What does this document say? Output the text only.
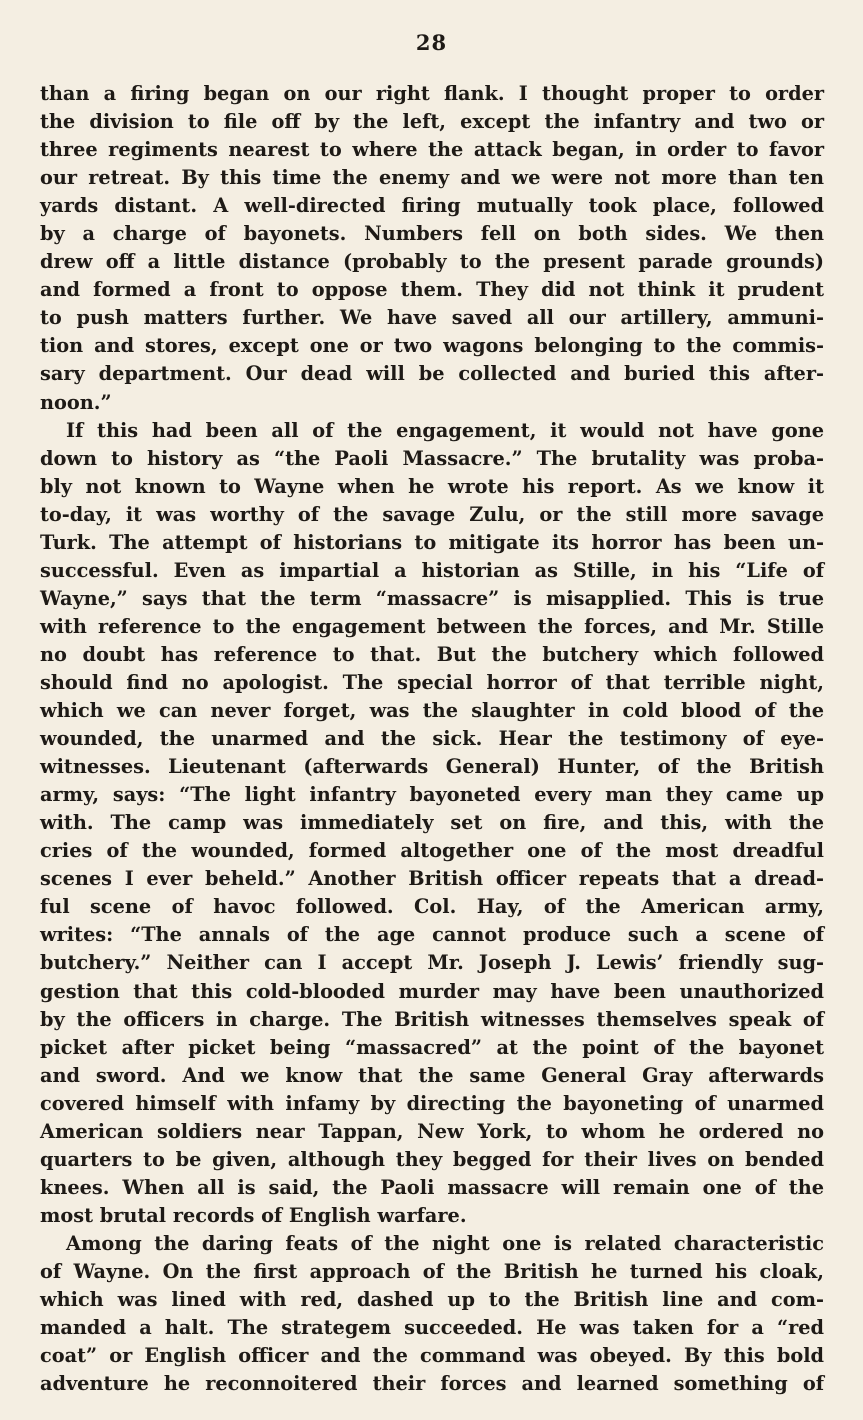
28
than a firing began on our right flank. I thought proper to order
the division to file off by the left, except the infantry and two or
three regiments nearest to where the attack began, in order to favor
our retreat. By this time the enemy and we were not more than ten
yards distant. A well-directed firing mutually took place, followed
by a charge of bayonets. Numbers fell on both sides. We then
drew off a little distance (probably to the present parade grounds)
and formed a front to oppose them. They did not think it prudent
to push matters further. We have saved all our artillery, ammuni-
tion and stores, except one or two wagons belonging to the commis-
sary department. Our dead will be collected and buried this after-
noon.”
If this had been all of the engagement, it would not have gone
down to history as “the Paoli Massacre.” The brutality was proba-
bly not known to Wayne when he wrote his report. As we know it
to-day, it was worthy of the savage Zulu, or the still more savage
Turk. The attempt of historians to mitigate its horror has been un-
successful. Even as impartial a historian as Stille, in his “Life of
Wayne,” says that the term “massacre” is misapplied. This is true
with reference to the engagement between the forces, and Mr. Stille
no doubt has reference to that. But the butchery which followed
should find no apologist. The special horror of that terrible night,
which we can never forget, was the slaughter in cold blood of the
wounded, the unarmed and the sick. Hear the testimony of eye-
witnesses. Lieutenant (afterwards General) Hunter, of the British
army, says: “The light infantry bayoneted every man they came up
with. The camp was immediately set on fire, and this, with the
cries of the wounded, formed altogether one of the most dreadful
scenes I ever beheld.” Another British officer repeats that a dread-
ful scene of havoc followed. Col. Hay, of the American army,
writes: “The annals of the age cannot produce such a scene of
butchery.” Neither can I accept Mr. Joseph J. Lewis’ friendly sug-
gestion that this cold-blooded murder may have been unauthorized
by the officers in charge. The British witnesses themselves speak of
picket after picket being “massacred” at the point of the bayonet
and sword. And we know that the same General Gray afterwards
covered himself with infamy by directing the bayoneting of unarmed
American soldiers near Tappan, New York, to whom he ordered no
quarters to be given, although they begged for their lives on bended
knees. When all is said, the Paoli massacre will remain one of the
most brutal records of English warfare.
Among the daring feats of the night one is related characteristic
of Wayne. On the first approach of the British he turned his cloak,
which was lined with red, dashed up to the British line and com-
manded a halt. The strategem succeeded. He was taken for a “red
coat” or English officer and the command was obeyed. By this bold
adventure he reconnoitered their forces and learned something of
